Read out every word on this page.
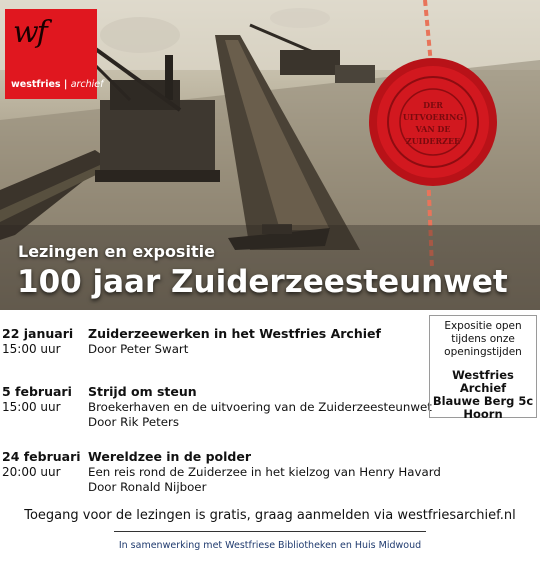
DER
UITVOERING
VAN DE
ZUIDERZEE
wf
westfries | archief
Lezingen en expositie
100 jaar Zuiderzeesteunwet
22 januari
15:00 uur
Zuiderzeewerken in het Westfries Archief
Door Peter Swart
5 februari
15:00 uur
Strijd om steun
Broekerhaven en de uitvoering van de Zuiderzeesteunwet
Door Rik Peters
24 februari
20:00 uur
Wereldzee in de polder
Een reis rond de Zuiderzee in het kielzog van Henry Havard
Door Ronald Nijboer
Expositie open
tijdens onze
openingstijden
Westfries Archief
Blauwe Berg 5c
Hoorn
Toegang voor de lezingen is gratis, graag aanmelden via westfriesarchief.nl
In samenwerking met Westfriese Bibliotheken en Huis Midwoud
